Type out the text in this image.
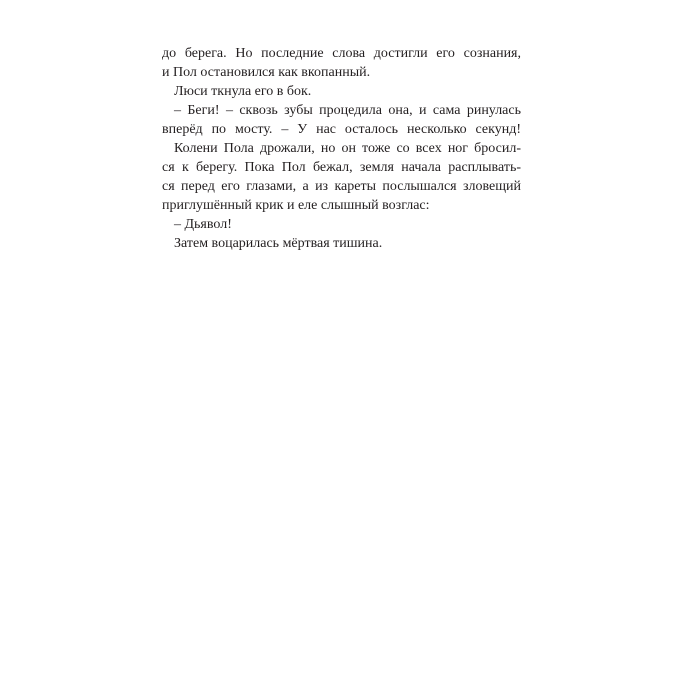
до берега. Но последние слова достигли его сознания,

и Пол остановился как вкопанный.

Люси ткнула его в бок.

– Беги! – сквозь зубы процедила она, и сама ринулась

вперёд по мосту. – У нас осталось несколько секунд!

Колени Пола дрожали, но он тоже со всех ног бросил-

ся к берегу. Пока Пол бежал, земля начала расплывать-

ся перед его глазами, а из кареты послышался зловещий

приглушённый крик и еле слышный возглас:

– Дьявол!

Затем воцарилась мёртвая тишина.
